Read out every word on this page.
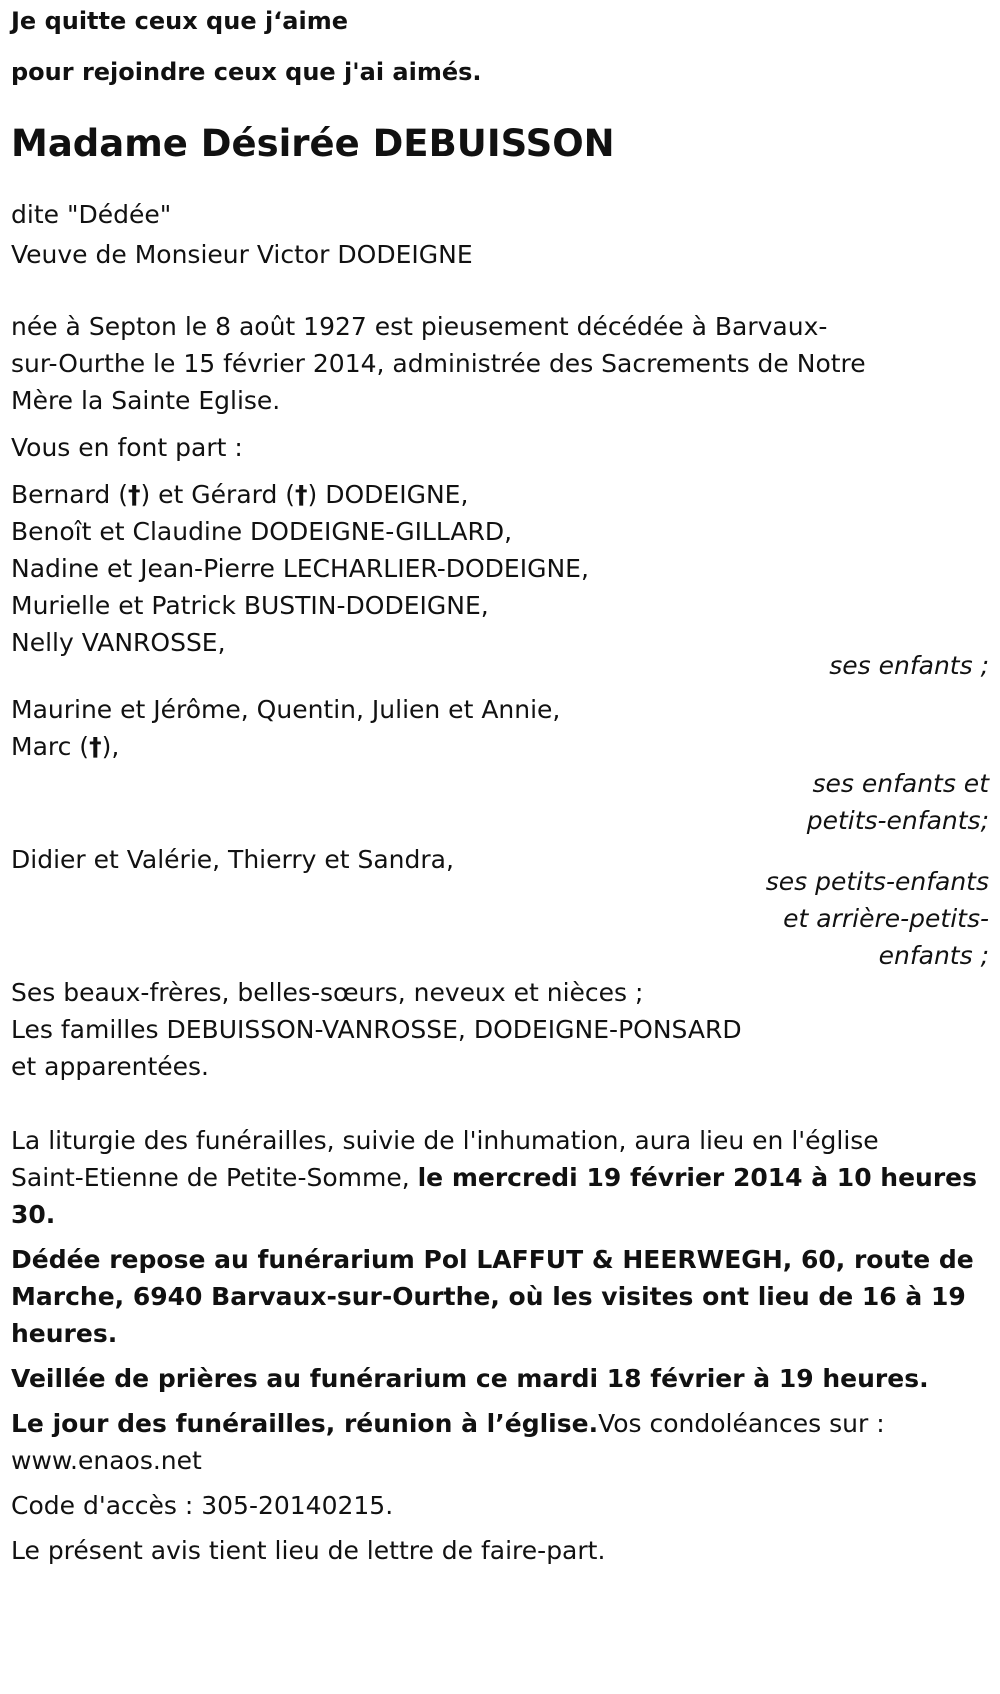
Je quitte ceux que j‘aime

pour rejoindre ceux que j'ai aimés.

Madame Désirée DEBUISSON

dite "Dédée"

Veuve de Monsieur Victor DODEIGNE

née à Septon le 8 août 1927 est pieusement décédée à Barvaux-

sur-Ourthe le 15 février 2014, administrée des Sacrements de Notre

Mère la Sainte Eglise.

Vous en font part :

Bernard (†) et Gérard (†) DODEIGNE,

Benoît et Claudine DODEIGNE-GILLARD,

Nadine et Jean-Pierre LECHARLIER-DODEIGNE,

Murielle et Patrick BUSTIN-DODEIGNE,

Nelly VANROSSE,

ses enfants ;

Maurine et Jérôme, Quentin, Julien et Annie,

Marc (†),

ses enfants et

petits-enfants;

Didier et Valérie, Thierry et Sandra,

ses petits-enfants

et arrière-petits-

enfants ;

Ses beaux-frères, belles-sœurs, neveux et nièces ;

Les familles DEBUISSON-VANROSSE, DODEIGNE-PONSARD

et apparentées.

La liturgie des funérailles, suivie de l'inhumation, aura lieu en l'église

Saint-Etienne de Petite-Somme, le mercredi 19 février 2014 à 10 heures

30.

Dédée repose au funérarium Pol LAFFUT & HEERWEGH, 60, route de

Marche, 6940 Barvaux-sur-Ourthe, où les visites ont lieu de 16 à 19

heures.

Veillée de prières au funérarium ce mardi 18 février à 19 heures.

Le jour des funérailles, réunion à l’église.Vos condoléances sur :

www.enaos.net

Code d'accès : 305-20140215.

Le présent avis tient lieu de lettre de faire-part.
